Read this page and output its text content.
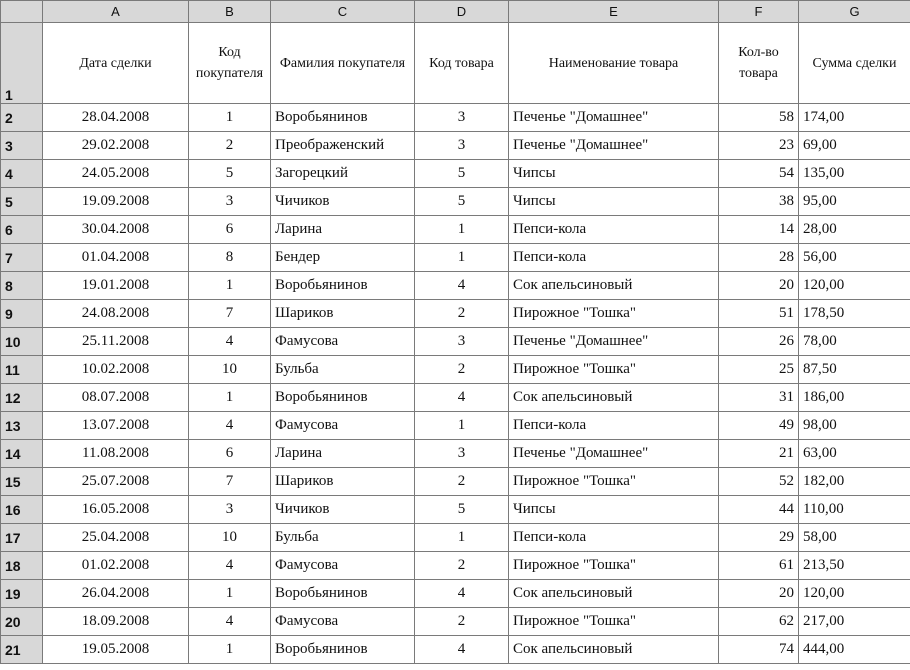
	A	B	C	D	E	F	G
1	Дата сделки	Код покупателя	Фамилия покупателя	Код товара	Наименование товара	Кол-во товара	Сумма сделки
2	28.04.2008	1	Воробьянинов	3	Печенье "Домашнее"	58	174,00
3	29.02.2008	2	Преображенский	3	Печенье "Домашнее"	23	69,00
4	24.05.2008	5	Загорецкий	5	Чипсы	54	135,00
5	19.09.2008	3	Чичиков	5	Чипсы	38	95,00
6	30.04.2008	6	Ларина	1	Пепси-кола	14	28,00
7	01.04.2008	8	Бендер	1	Пепси-кола	28	56,00
8	19.01.2008	1	Воробьянинов	4	Сок апельсиновый	20	120,00
9	24.08.2008	7	Шариков	2	Пирожное "Тошка"	51	178,50
10	25.11.2008	4	Фамусова	3	Печенье "Домашнее"	26	78,00
11	10.02.2008	10	Бульба	2	Пирожное "Тошка"	25	87,50
12	08.07.2008	1	Воробьянинов	4	Сок апельсиновый	31	186,00
13	13.07.2008	4	Фамусова	1	Пепси-кола	49	98,00
14	11.08.2008	6	Ларина	3	Печенье "Домашнее"	21	63,00
15	25.07.2008	7	Шариков	2	Пирожное "Тошка"	52	182,00
16	16.05.2008	3	Чичиков	5	Чипсы	44	110,00
17	25.04.2008	10	Бульба	1	Пепси-кола	29	58,00
18	01.02.2008	4	Фамусова	2	Пирожное "Тошка"	61	213,50
19	26.04.2008	1	Воробьянинов	4	Сок апельсиновый	20	120,00
20	18.09.2008	4	Фамусова	2	Пирожное "Тошка"	62	217,00
21	19.05.2008	1	Воробьянинов	4	Сок апельсиновый	74	444,00
